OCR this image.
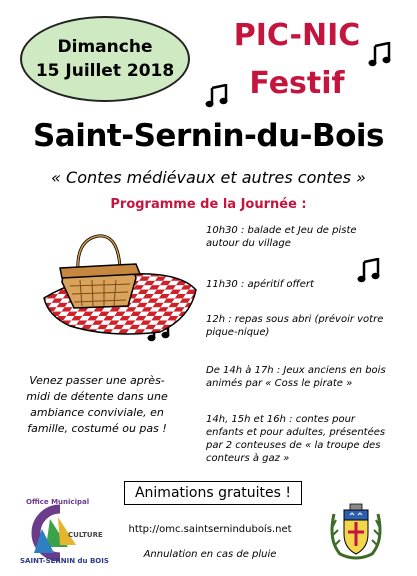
Dimanche
15 Juillet 2018
PIC-NIC
Festif
Saint-Sernin-du-Bois
« Contes médiévaux et autres contes »
Programme de la Journée :
10h30 : balade et Jeu de piste autour du village
11h30 : apéritif offert
12h : repas sous abri (prévoir votre pique-nique)
De 14h à 17h : Jeux anciens en bois animés par « Coss le pirate »
14h, 15h et 16h : contes pour enfants et pour adultes, présentées par 2 conteuses de « la troupe des conteurs à gaz »
Venez passer une après-midi de détente dans une ambiance conviviale, en famille, costumé ou pas !
Animations gratuites !
http://omc.saintserninduboís.net
Annulation en cas de pluie
Office Municipal
CULTURE
SAINT-SERNIN du BOIS
